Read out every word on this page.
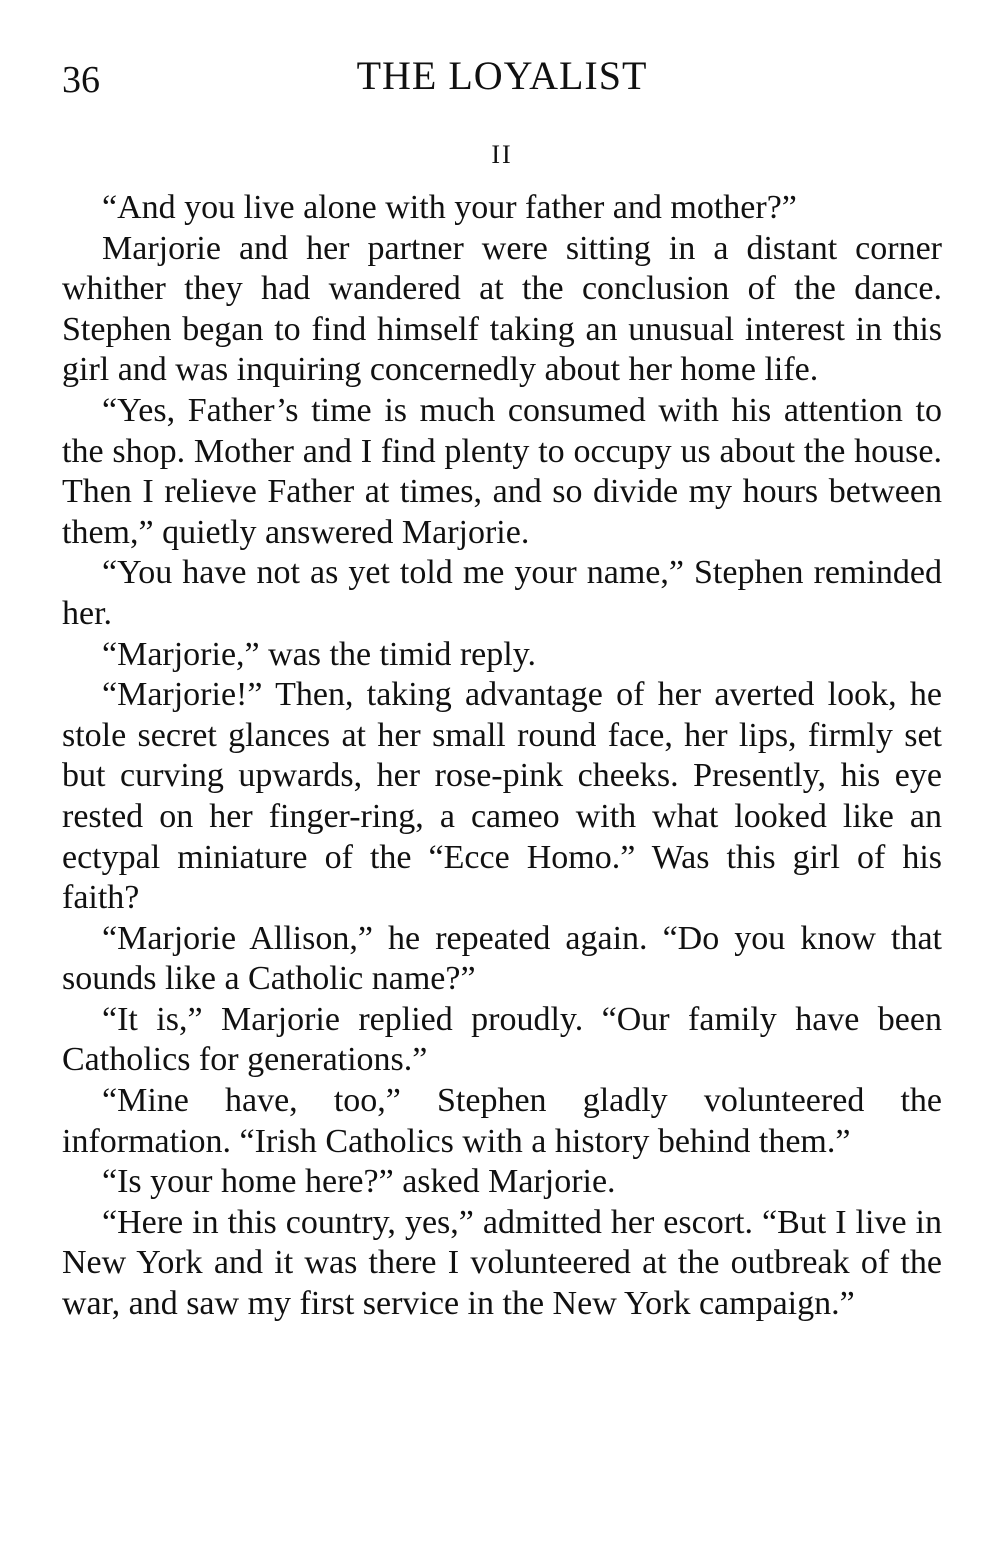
36	THE LOYALIST
II

“And you live alone with your father and mother?”

Marjorie and her partner were sitting in a distant corner whither they had wandered at the conclusion of the dance. Stephen began to find himself taking an unusual interest in this girl and was inquiring concernedly about her home life.

“Yes, Father’s time is much consumed with his attention to the shop. Mother and I find plenty to occupy us about the house. Then I relieve Father at times, and so divide my hours between them,” quietly answered Marjorie.

“You have not as yet told me your name,” Stephen reminded her.

“Marjorie,” was the timid reply.

“Marjorie!” Then, taking advantage of her averted look, he stole secret glances at her small round face, her lips, firmly set but curving upwards, her rose-pink cheeks. Presently, his eye rested on her finger-ring, a cameo with what looked like an ectypal miniature of the “Ecce Homo.” Was this girl of his faith?

“Marjorie Allison,” he repeated again. “Do you know that sounds like a Catholic name?”

“It is,” Marjorie replied proudly. “Our family have been Catholics for generations.”

“Mine have, too,” Stephen gladly volunteered the information. “Irish Catholics with a history behind them.”

“Is your home here?” asked Marjorie.

“Here in this country, yes,” admitted her escort. “But I live in New York and it was there I volunteered at the outbreak of the war, and saw my first service in the New York campaign.”
